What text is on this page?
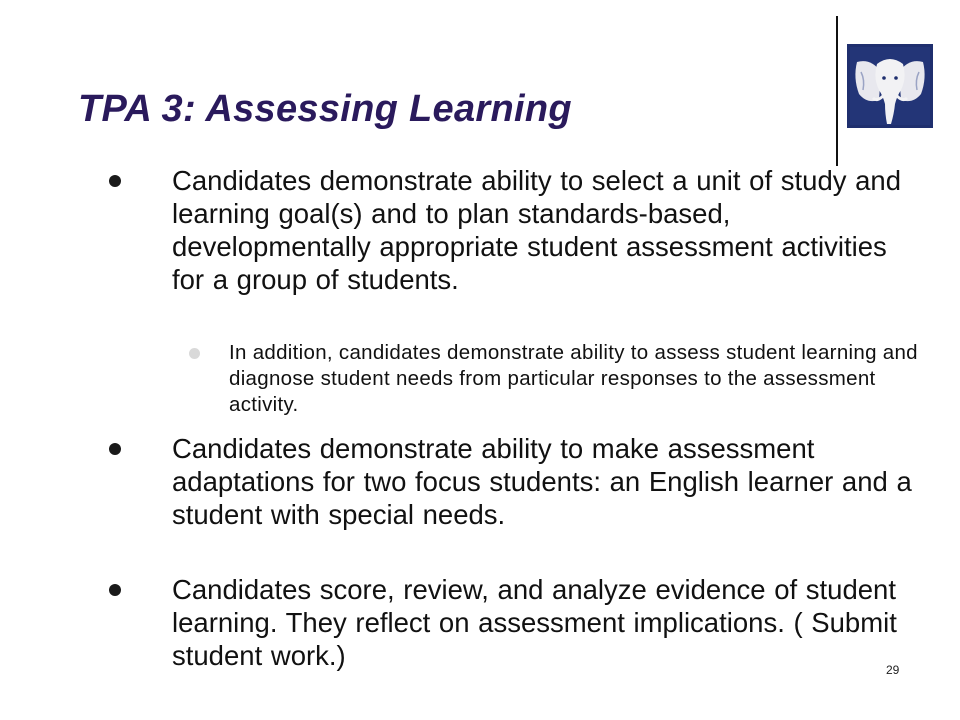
TPA 3: Assessing Learning
Candidates demonstrate ability to select a unit of study and learning goal(s) and to plan standards-based, developmentally appropriate student assessment activities for a group of students.
In addition, candidates demonstrate ability to assess student learning and diagnose student needs from particular responses to the assessment activity.
Candidates demonstrate ability to make assessment adaptations for two focus students: an English learner and a student with special needs.
Candidates score, review, and analyze evidence of student learning. They reflect on assessment implications. ( Submit student work.)	29
